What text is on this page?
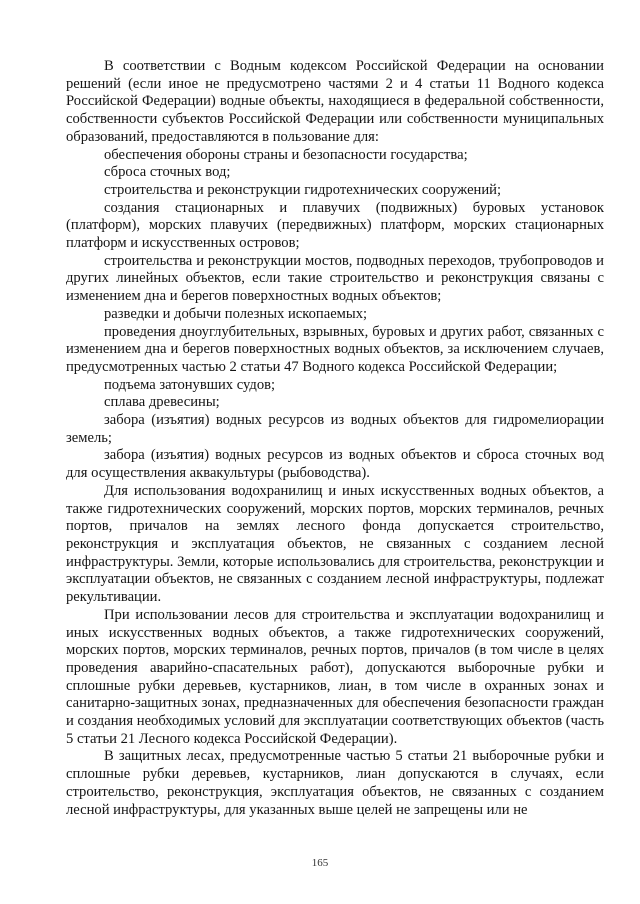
В соответствии с Водным кодексом Российской Федерации на основании решений (если иное не предусмотрено частями 2 и 4 статьи 11 Водного кодекса Российской Федерации) водные объекты, находящиеся в федеральной собственности, собственности субъектов Российской Федерации или собственности муниципальных образований, предоставляются в пользование для:

обеспечения обороны страны и безопасности государства;

сброса сточных вод;

строительства и реконструкции гидротехнических сооружений;

создания стационарных и плавучих (подвижных) буровых установок (платформ), морских плавучих (передвижных) платформ, морских стационарных платформ и искусственных островов;

строительства и реконструкции мостов, подводных переходов, трубопроводов и других линейных объектов, если такие строительство и реконструкция связаны с изменением дна и берегов поверхностных водных объектов;

разведки и добычи полезных ископаемых;

проведения дноуглубительных, взрывных, буровых и других работ, связанных с изменением дна и берегов поверхностных водных объектов, за исключением случаев, предусмотренных частью 2 статьи 47 Водного кодекса Российской Федерации;

подъема затонувших судов;

сплава древесины;

забора (изъятия) водных ресурсов из водных объектов для гидромелиорации земель;

забора (изъятия) водных ресурсов из водных объектов и сброса сточных вод для осуществления аквакультуры (рыбоводства).

Для использования водохранилищ и иных искусственных водных объектов, а также гидротехнических сооружений, морских портов, морских терминалов, речных портов, причалов на землях лесного фонда допускается строительство, реконструкция и эксплуатация объектов, не связанных с созданием лесной инфраструктуры. Земли, которые использовались для строительства, реконструкции и эксплуатации объектов, не связанных с созданием лесной инфраструктуры, подлежат рекультивации.

При использовании лесов для строительства и эксплуатации водохранилищ и иных искусственных водных объектов, а также гидротехнических сооружений, морских портов, морских терминалов, речных портов, причалов (в том числе в целях проведения аварийно-спасательных работ), допускаются выборочные рубки и сплошные рубки деревьев, кустарников, лиан, в том числе в охранных зонах и санитарно-защитных зонах, предназначенных для обеспечения безопасности граждан и создания необходимых условий для эксплуатации соответствующих объектов (часть 5 статьи 21 Лесного кодекса Российской Федерации).

В защитных лесах, предусмотренные частью 5 статьи 21 выборочные рубки и сплошные рубки деревьев, кустарников, лиан допускаются в случаях, если строительство, реконструкция, эксплуатация объектов, не связанных с созданием лесной инфраструктуры, для указанных выше целей не запрещены или не

165
